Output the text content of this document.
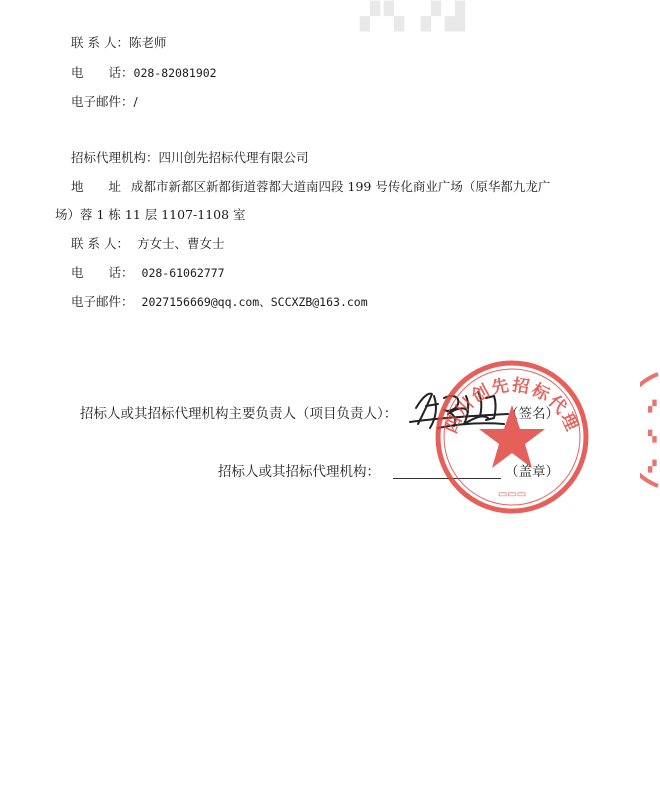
▞▚ ▞▟
联 系 人：陈老师
电　　话：028-82081902
电子邮件：/
招标代理机构：四川创先招标代理有限公司
地　　址 成都市新都区新都街道蓉都大道南四段 199 号传化商业广场（原华都九龙广
场）蓉 1 栋 11 层 1107-1108 室
联 系 人： 方女士、曹女士
电　　话： 028-61062777
电子邮件： 2027156669@qq.com、SCCXZB@163.com
招标人或其招标代理机构主要负责人（项目负责人）：	（签名）
招标人或其招标代理机构：	（盖章）
四川创先招标代理
▭▭▭
▞
▚
▞
